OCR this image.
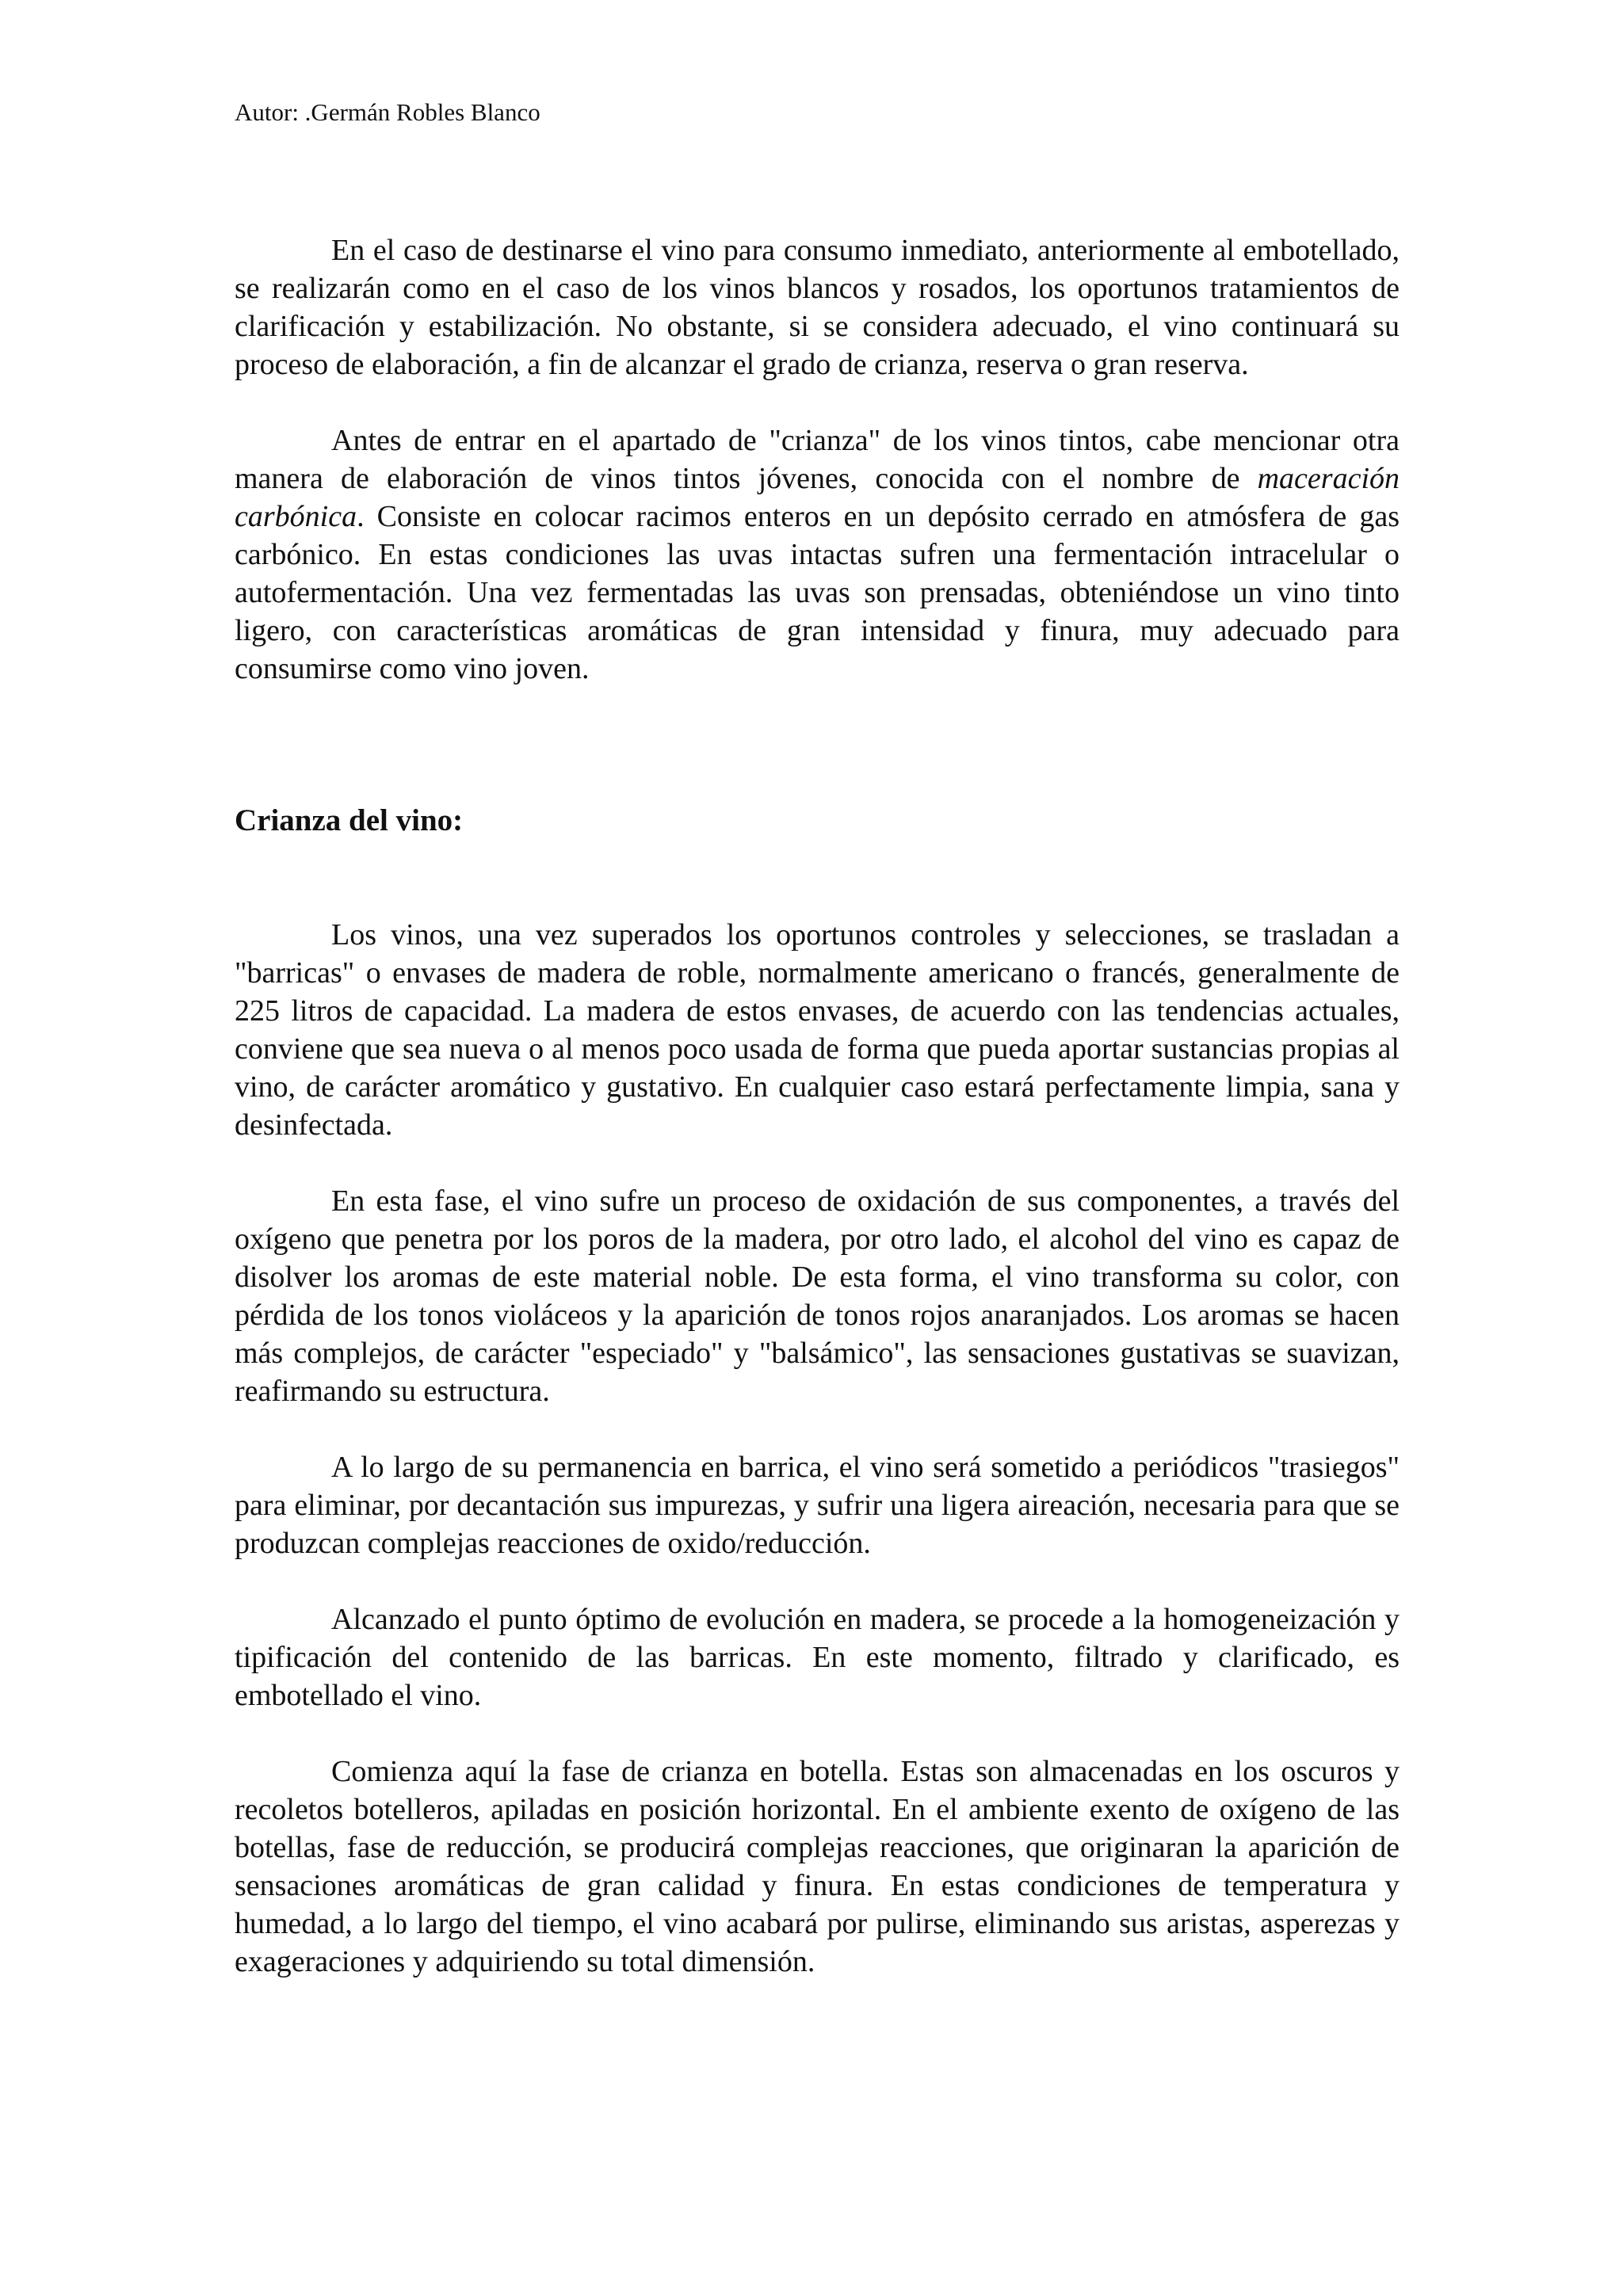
Autor: .Germán Robles Blanco

En el caso de destinarse el vino para consumo inmediato, anteriormente al embotellado, se realizarán como en el caso de los vinos blancos y rosados, los oportunos tratamientos de clarificación y estabilización. No obstante, si se considera adecuado, el vino continuará su proceso de elaboración, a fin de alcanzar el grado de crianza, reserva o gran reserva.

Antes de entrar en el apartado de "crianza" de los vinos tintos, cabe mencionar otra manera de elaboración de vinos tintos jóvenes, conocida con el nombre de maceración carbónica. Consiste en colocar racimos enteros en un depósito cerrado en atmósfera de gas carbónico. En estas condiciones las uvas intactas sufren una fermentación intracelular o autofermentación. Una vez fermentadas las uvas son prensadas, obteniéndose un vino tinto ligero, con características aromáticas de gran intensidad y finura, muy adecuado para consumirse como vino joven.

Crianza del vino:

Los vinos, una vez superados los oportunos controles y selecciones, se trasladan a "barricas" o envases de madera de roble, normalmente americano o francés, generalmente de 225 litros de capacidad. La madera de estos envases, de acuerdo con las tendencias actuales, conviene que sea nueva o al menos poco usada de forma que pueda aportar sustancias propias al vino, de carácter aromático y gustativo. En cualquier caso estará perfectamente limpia, sana y desinfectada.

En esta fase, el vino sufre un proceso de oxidación de sus componentes, a través del oxígeno que penetra por los poros de la madera, por otro lado, el alcohol del vino es capaz de disolver los aromas de este material noble. De esta forma, el vino transforma su color, con pérdida de los tonos violáceos y la aparición de tonos rojos anaranjados. Los aromas se hacen más complejos, de carácter "especiado" y "balsámico", las sensaciones gustativas se suavizan, reafirmando su estructura.

A lo largo de su permanencia en barrica, el vino será sometido a periódicos "trasiegos" para eliminar, por decantación sus impurezas, y sufrir una ligera aireación, necesaria para que se produzcan complejas reacciones de oxido/reducción.

Alcanzado el punto óptimo de evolución en madera, se procede a la homogeneización y tipificación del contenido de las barricas. En este momento, filtrado y clarificado, es embotellado el vino.

Comienza aquí la fase de crianza en botella. Estas son almacenadas en los oscuros y recoletos botelleros, apiladas en posición horizontal. En el ambiente exento de oxígeno de las botellas, fase de reducción, se producirá complejas reacciones, que originaran la aparición de sensaciones aromáticas de gran calidad y finura. En estas condiciones de temperatura y humedad, a lo largo del tiempo, el vino acabará por pulirse, eliminando sus aristas, asperezas y exageraciones y adquiriendo su total dimensión.
